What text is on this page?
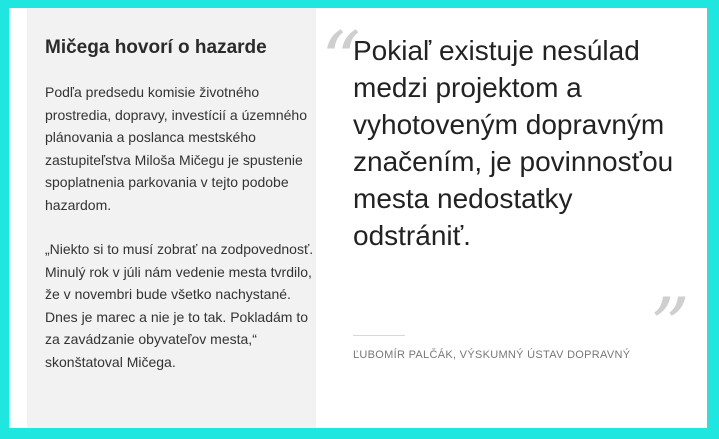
Mičega hovorí o hazarde

Podľa predsedu komisie životného prostredia, dopravy, investícií a územného plánovania a poslanca mestského zastupiteľstva Miloša Mičegu je spustenie spoplatnenia parkovania v tejto podobe hazardom.

„Niekto si to musí zobrať na zodpovednosť. Minulý rok v júli nám vedenie mesta tvrdilo, že v novembri bude všetko nachystané. Dnes je marec a nie je to tak. Pokladám to za zavádzanie obyvateľov mesta,“ skonštatoval Mičega.

“

Pokiaľ existuje nesúlad medzi projektom a vyhotoveným dopravným značením, je povinnosťou mesta nedostatky odstrániť.

”

ĽUBOMÍR PALČÁK, VÝSKUMNÝ ÚSTAV DOPRAVNÝ
